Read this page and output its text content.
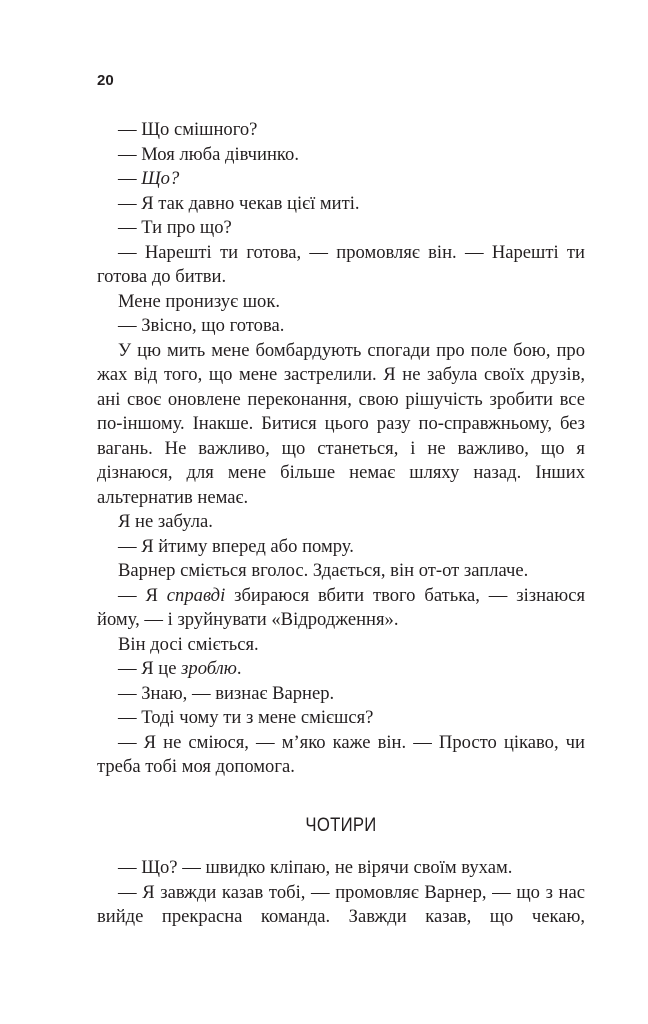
20

— Що смішного?

— Моя люба дівчинко.

— Що?

— Я так давно чекав цієї миті.

— Ти про що?

— Нарешті ти готова, — промовляє він. — Нарешті ти готова до битви.

Мене пронизує шок.

— Звісно, що готова.

У цю мить мене бомбардують спогади про поле бою, про жах від того, що мене застрелили. Я не забула своїх друзів, ані своє оновлене переконання, свою рішучість зробити все по-іншому. Інакше. Битися цього разу по-справжньому, без вагань. Не важливо, що станеться, і не важливо, що я дізнаюся, для мене більше немає шляху назад. Інших альтернатив немає.

Я не забула.

— Я йтиму вперед або помру.

Варнер сміється вголос. Здається, він от-от заплаче.

— Я справді збираюся вбити твого батька, — зізнаюся йому, — і зруйнувати «Відродження».

Він досі сміється.

— Я це зроблю.

— Знаю, — визнає Варнер.

— Тоді чому ти з мене смієшся?

— Я не сміюся, — м’яко каже він. — Просто цікаво, чи треба тобі моя допомога.

ЧОТИРИ

— Що? — швидко кліпаю, не вірячи своїм вухам.

— Я завжди казав тобі, — промовляє Варнер, — що з нас вийде прекрасна команда. Завжди казав, що чекаю,
